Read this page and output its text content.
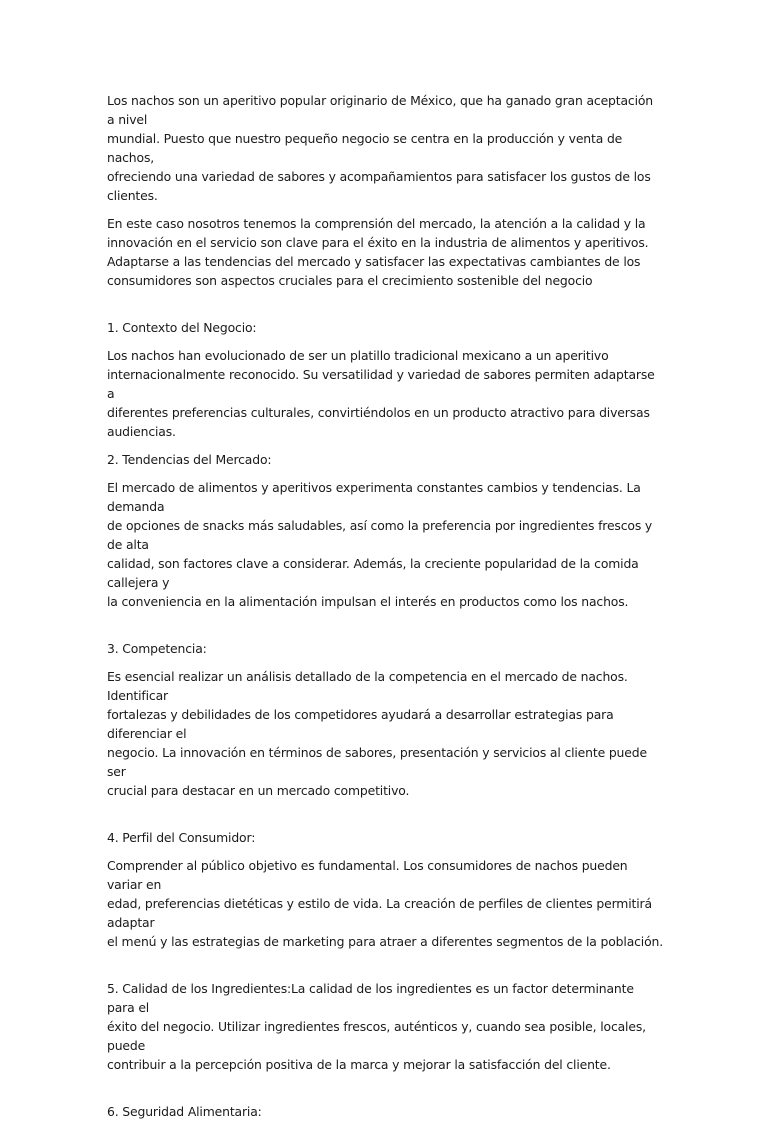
Los nachos son un aperitivo popular originario de México, que ha ganado gran aceptación a nivel
mundial. Puesto que nuestro pequeño negocio se centra en la producción y venta de nachos,
ofreciendo una variedad de sabores y acompañamientos para satisfacer los gustos de los clientes.

En este caso nosotros tenemos la comprensión del mercado, la atención a la calidad y la
innovación en el servicio son clave para el éxito en la industria de alimentos y aperitivos.
Adaptarse a las tendencias del mercado y satisfacer las expectativas cambiantes de los
consumidores son aspectos cruciales para el crecimiento sostenible del negocio

1. Contexto del Negocio:

Los nachos han evolucionado de ser un platillo tradicional mexicano a un aperitivo
internacionalmente reconocido. Su versatilidad y variedad de sabores permiten adaptarse a
diferentes preferencias culturales, convirtiéndolos en un producto atractivo para diversas
audiencias.

2. Tendencias del Mercado:

El mercado de alimentos y aperitivos experimenta constantes cambios y tendencias. La demanda
de opciones de snacks más saludables, así como la preferencia por ingredientes frescos y de alta
calidad, son factores clave a considerar. Además, la creciente popularidad de la comida callejera y
la conveniencia en la alimentación impulsan el interés en productos como los nachos.

3. Competencia:

Es esencial realizar un análisis detallado de la competencia en el mercado de nachos. Identificar
fortalezas y debilidades de los competidores ayudará a desarrollar estrategias para diferenciar el
negocio. La innovación en términos de sabores, presentación y servicios al cliente puede ser
crucial para destacar en un mercado competitivo.

4. Perfil del Consumidor:

Comprender al público objetivo es fundamental. Los consumidores de nachos pueden variar en
edad, preferencias dietéticas y estilo de vida. La creación de perfiles de clientes permitirá adaptar
el menú y las estrategias de marketing para atraer a diferentes segmentos de la población.

5. Calidad de los Ingredientes:La calidad de los ingredientes es un factor determinante para el
éxito del negocio. Utilizar ingredientes frescos, auténticos y, cuando sea posible, locales, puede
contribuir a la percepción positiva de la marca y mejorar la satisfacción del cliente.

6. Seguridad Alimentaria:
